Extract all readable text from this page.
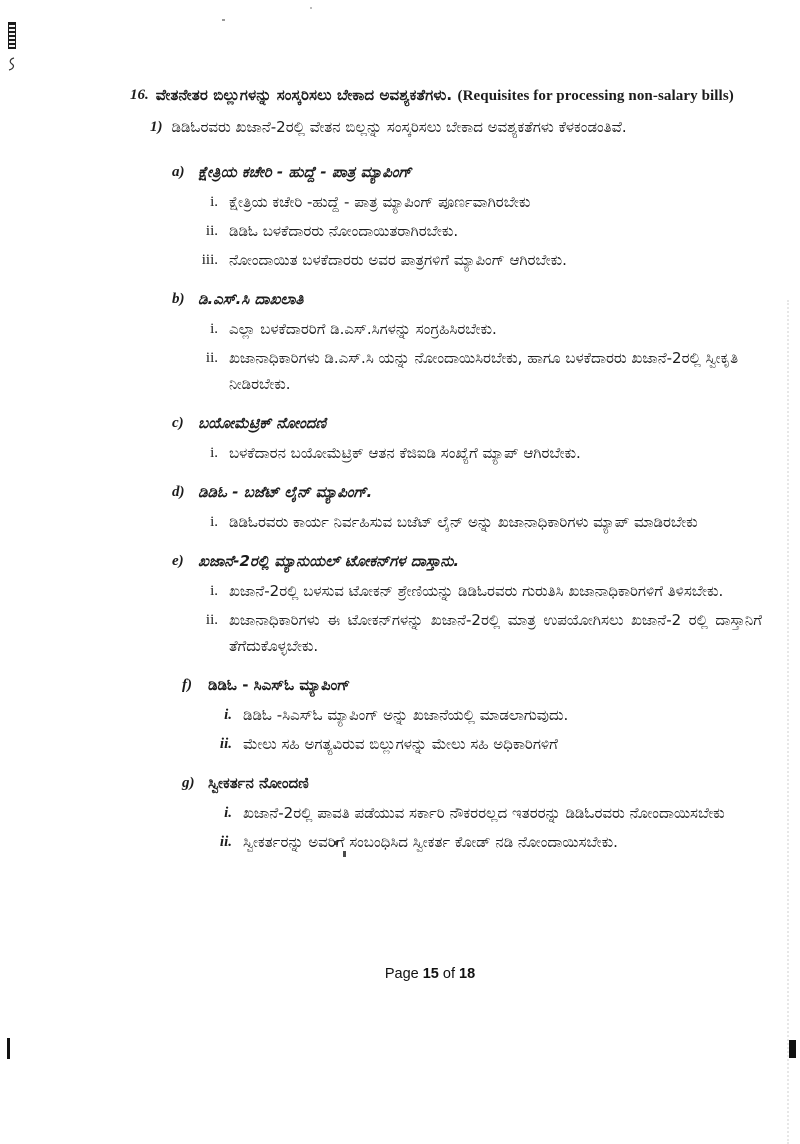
16. ವೇತನೇತರ ಬಿಲ್ಲುಗಳನ್ನು ಸಂಸ್ಕರಿಸಲು ಬೇಕಾದ ಅವಶ್ಯಕತೆಗಳು. (Requisites for processing non-salary bills)
1) ಡಿಡಿಓರವರು ಖಜಾನೆ-2ರಲ್ಲಿ ವೇತನ ಬಿಲ್ಲನ್ನು ಸಂಸ್ಕರಿಸಲು ಬೇಕಾದ ಅವಶ್ಯಕತೆಗಳು ಕೆಳಕಂಡಂತಿವೆ.
a) ಕ್ಷೇತ್ರಿಯ ಕಚೇರಿ - ಹುದ್ದೆ - ಪಾತ್ರ ಮ್ಯಾಪಿಂಗ್
i. ಕ್ಷೇತ್ರಿಯ ಕಚೇರಿ -ಹುದ್ದೆ - ಪಾತ್ರ ಮ್ಯಾಪಿಂಗ್ ಪೂರ್ಣವಾಗಿರಬೇಕು
ii. ಡಿಡಿಓ ಬಳಕೆದಾರರು ನೋಂದಾಯಿತರಾಗಿರಬೇಕು.
iii. ನೋಂದಾಯಿತ ಬಳಕೆದಾರರು ಅವರ ಪಾತ್ರಗಳಿಗೆ ಮ್ಯಾಪಿಂಗ್ ಆಗಿರಬೇಕು.
b) ಡಿ.ಎಸ್.ಸಿ ದಾಖಲಾತಿ
i. ಎಲ್ಲಾ ಬಳಕೆದಾರರಿಗೆ ಡಿ.ಎಸ್.ಸಿಗಳನ್ನು ಸಂಗ್ರಹಿಸಿರಬೇಕು.
ii. ಖಜಾನಾಧಿಕಾರಿಗಳು ಡಿ.ಎಸ್.ಸಿ ಯನ್ನು ನೋಂದಾಯಿಸಿರಬೇಕು, ಹಾಗೂ ಬಳಕೆದಾರರು ಖಜಾನೆ-2ರಲ್ಲಿ ಸ್ವೀಕೃತಿ ನೀಡಿರಬೇಕು.
c) ಬಯೋಮೆಟ್ರಿಕ್ ನೋಂದಣಿ
i. ಬಳಕೆದಾರನ ಬಯೋಮೆಟ್ರಿಕ್ ಆತನ ಕೆಜಿಐಡಿ ಸಂಖ್ಯೆಗೆ ಮ್ಯಾಪ್ ಆಗಿರಬೇಕು.
d) ಡಿಡಿಓ - ಬಜೆಟ್ ಲೈನ್ ಮ್ಯಾಪಿಂಗ್.
i. ಡಿಡಿಓರವರು ಕಾರ್ಯ ನಿರ್ವಹಿಸುವ ಬಜೆಟ್ ಲೈನ್ ಅನ್ನು ಖಜಾನಾಧಿಕಾರಿಗಳು ಮ್ಯಾಪ್ ಮಾಡಿರಬೇಕು
e) ಖಜಾನೆ-2ರಲ್ಲಿ ಮ್ಯಾನುಯಲ್ ಟೋಕನ್‌ಗಳ ದಾಸ್ತಾನು.
i. ಖಜಾನೆ-2ರಲ್ಲಿ ಬಳಸುವ ಟೋಕನ್ ಶ್ರೇಣಿಯನ್ನು ಡಿಡಿಓರವರು ಗುರುತಿಸಿ ಖಜಾನಾಧಿಕಾರಿಗಳಿಗೆ ತಿಳಿಸಬೇಕು.
ii. ಖಜಾನಾಧಿಕಾರಿಗಳು ಈ ಟೋಕನ್‌ಗಳನ್ನು ಖಜಾನೆ-2ರಲ್ಲಿ ಮಾತ್ರ ಉಪಯೋಗಿಸಲು ಖಜಾನೆ-2 ರಲ್ಲಿ ದಾಸ್ತಾನಿಗೆ ತೆಗೆದುಕೊಳ್ಳಬೇಕು.
f) ಡಿಡಿಓ - ಸಿಎಸ್ಓ ಮ್ಯಾಪಿಂಗ್
i. ಡಿಡಿಓ -ಸಿಎಸ್ಓ ಮ್ಯಾಪಿಂಗ್ ಅನ್ನು ಖಜಾನೆಯಲ್ಲಿ ಮಾಡಲಾಗುವುದು.
ii. ಮೇಲು ಸಹಿ ಅಗತ್ಯವಿರುವ ಬಿಲ್ಲುಗಳನ್ನು ಮೇಲು ಸಹಿ ಅಧಿಕಾರಿಗಳಿಗೆ
g) ಸ್ವೀಕರ್ತನ ನೋಂದಣಿ
i. ಖಜಾನೆ-2ರಲ್ಲಿ ಪಾವತಿ ಪಡೆಯುವ ಸರ್ಕಾರಿ ನೌಕರರಲ್ಲದ ಇತರರನ್ನು ಡಿಡಿಓರವರು ನೋಂದಾಯಿಸಬೇಕು
ii. ಸ್ವೀಕರ್ತರನ್ನು ಅವರಿಗೆ ಸಂಬಂಧಿಸಿದ ಸ್ವೀಕರ್ತ ಕೋಡ್ ನಡಿ ನೋಂದಾಯಿಸಬೇಕು.
Page 15 of 18
